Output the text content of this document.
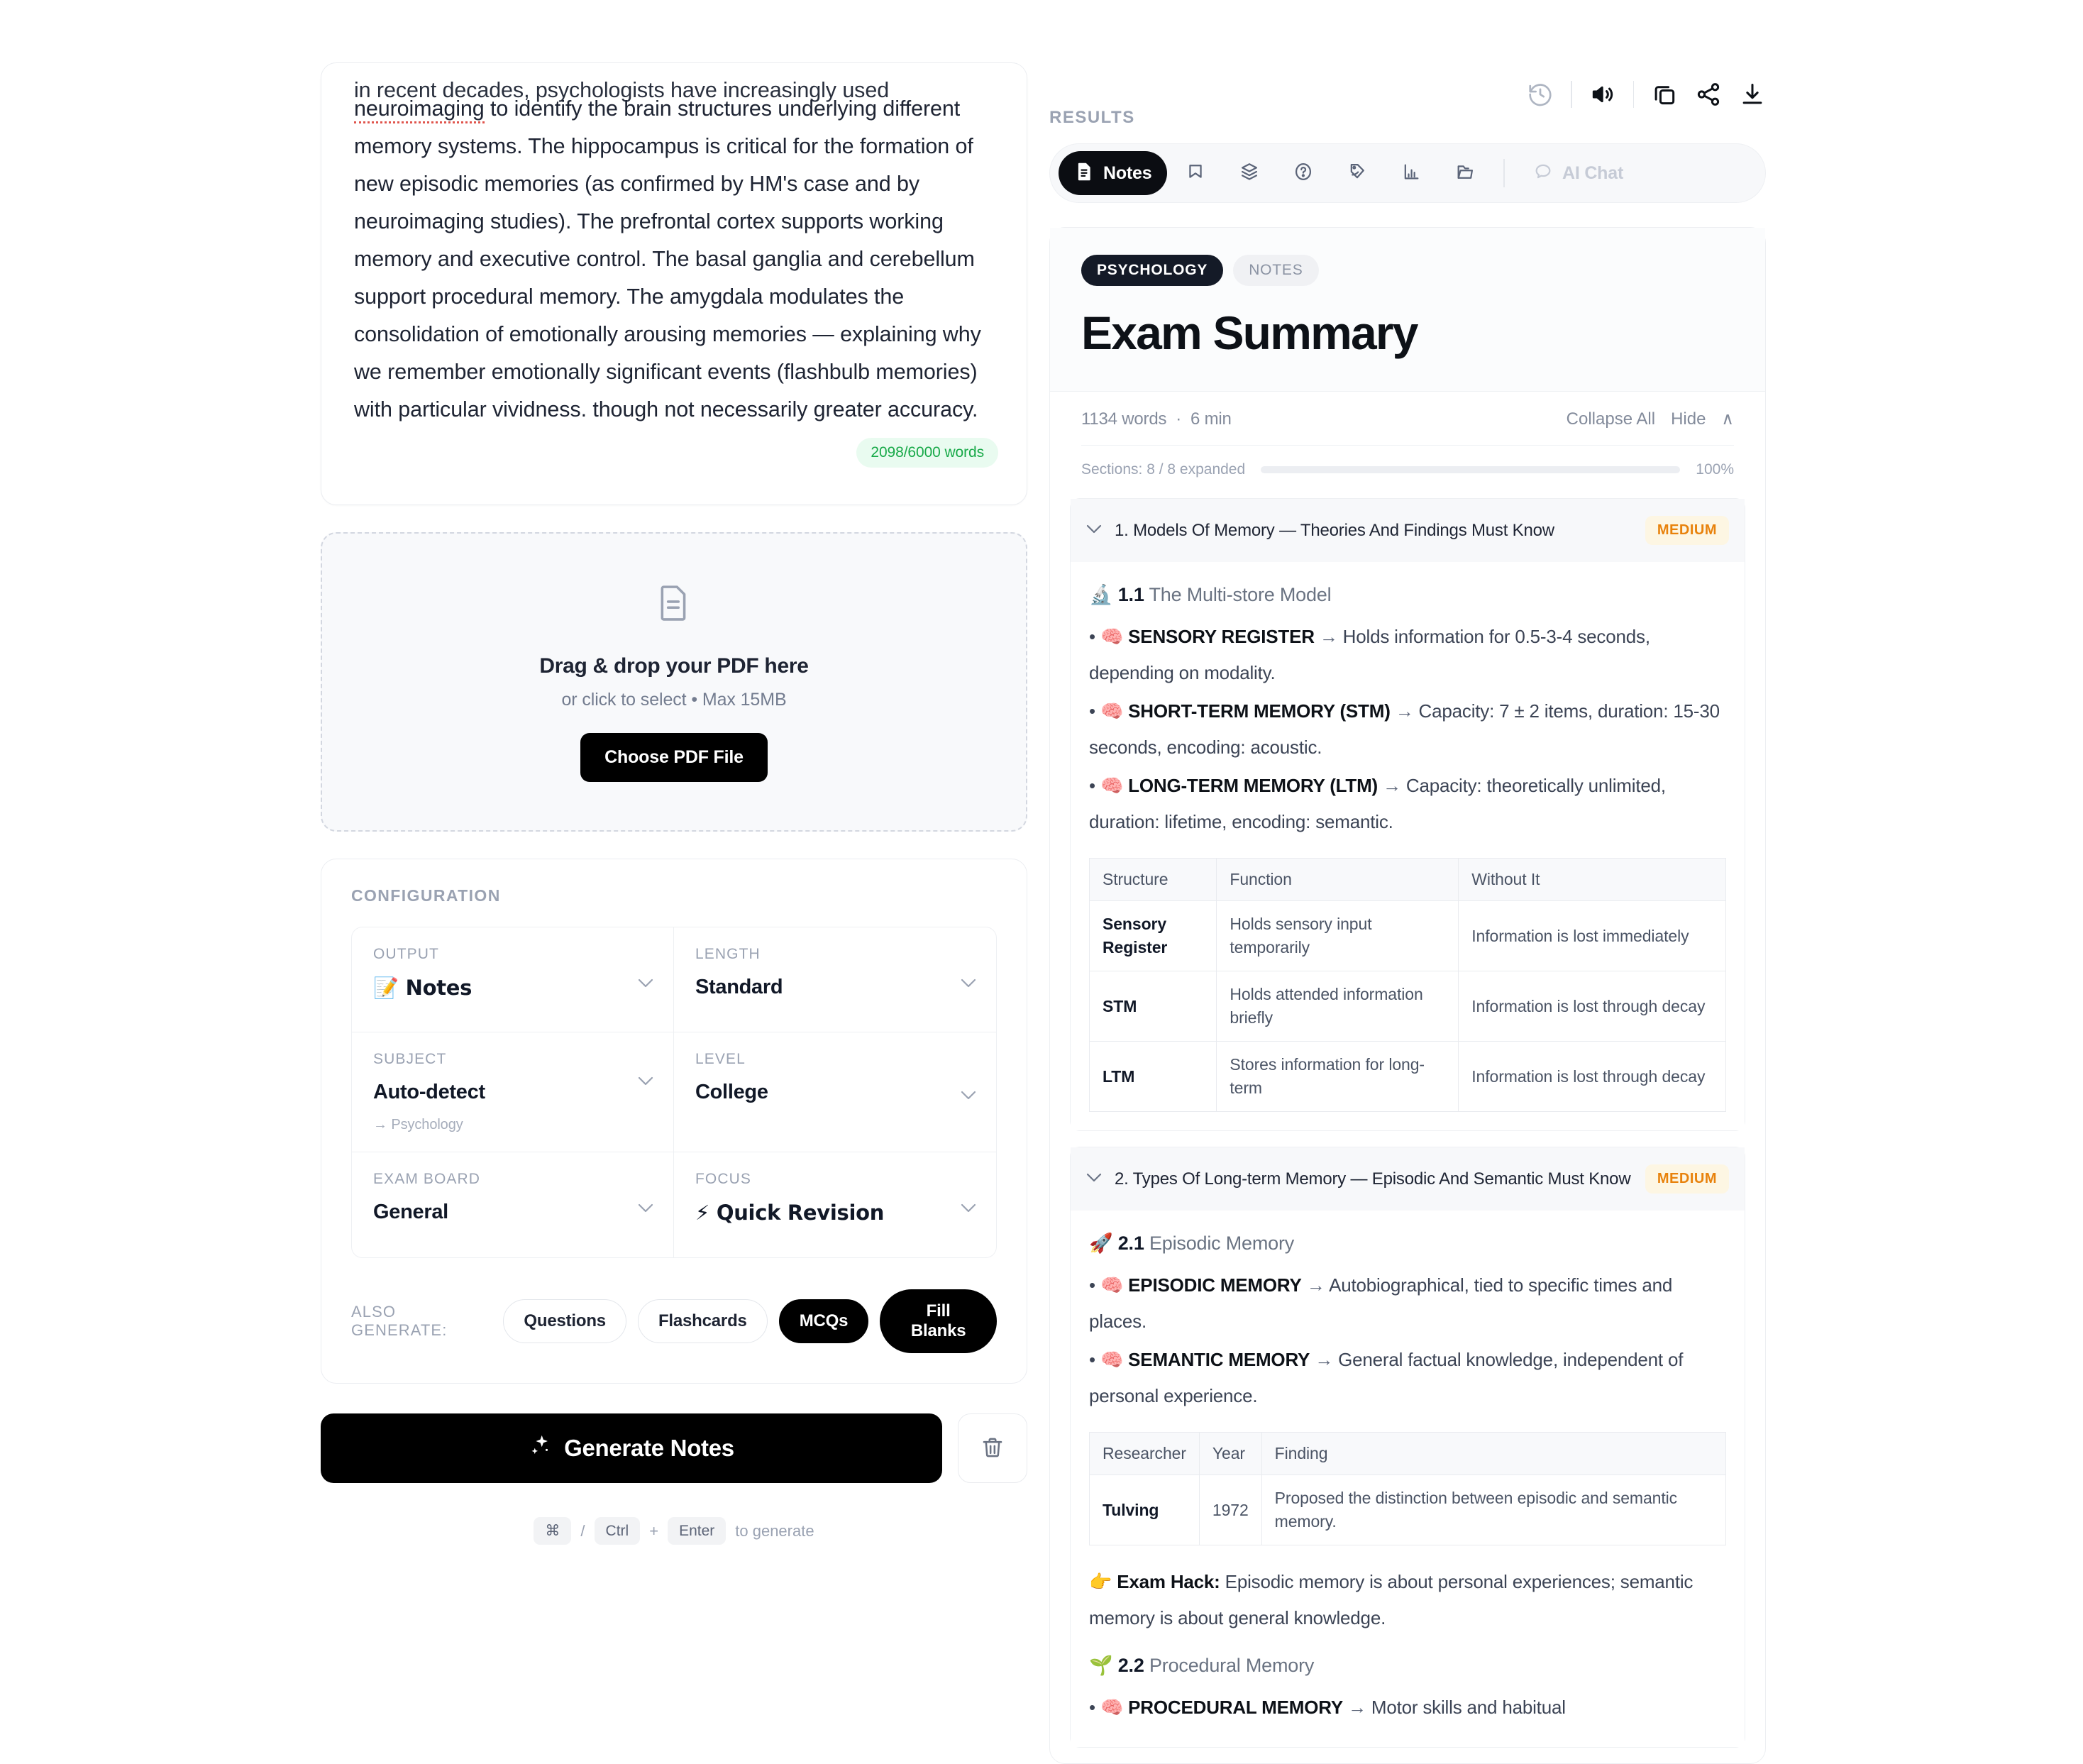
in recent decades, psychologists have increasingly used
neuroimaging to identify the brain structures underlying different memory systems. The hippocampus is critical for the formation of new episodic memories (as confirmed by HM's case and by neuroimaging studies). The prefrontal cortex supports working memory and executive control. The basal ganglia and cerebellum support procedural memory. The amygdala modulates the consolidation of emotionally arousing memories — explaining why we remember emotionally significant events (flashbulb memories) with particular vividness. though not necessarily greater accuracy.
2098/6000 words
Drag & drop your PDF here
or click to select • Max 15MB
Choose PDF File
CONFIGURATION
OUTPUT
📝 Notes
LENGTH
Standard
SUBJECT
Auto-detect
→ Psychology
LEVEL
College
EXAM BOARD
General
FOCUS
⚡ Quick Revision
ALSO GENERATE:	Questions	Flashcards	MCQs
Fill Blanks
Generate Notes
⌘	/	Ctrl	+	Enter	to generate
RESULTS
Notes	AI Chat
PSYCHOLOGY	NOTES
Exam Summary
1134 words · 6 min	Collapse All Hide ∧
Sections: 8 / 8 expanded	100%
1. Models Of Memory — Theories And Findings Must Know	MEDIUM
🔬 1.1 The Multi-store Model
• 🧠 SENSORY REGISTER → Holds information for 0.5-3-4 seconds, depending on modality.
• 🧠 SHORT-TERM MEMORY (STM) → Capacity: 7 ± 2 items, duration: 15-30 seconds, encoding: acoustic.
• 🧠 LONG-TERM MEMORY (LTM) → Capacity: theoretically unlimited, duration: lifetime, encoding: semantic.
Structure	Function	Without It
Sensory Register	Holds sensory input temporarily	Information is lost immediately
STM	Holds attended information briefly	Information is lost through decay
LTM	Stores information for long-term	Information is lost through decay
2. Types Of Long-term Memory — Episodic And Semantic Must Know	MEDIUM
🚀 2.1 Episodic Memory
• 🧠 EPISODIC MEMORY → Autobiographical, tied to specific times and places.
• 🧠 SEMANTIC MEMORY → General factual knowledge, independent of personal experience.
Researcher	Year	Finding
Tulving	1972	Proposed the distinction between episodic and semantic memory.
👉 Exam Hack: Episodic memory is about personal experiences; semantic memory is about general knowledge.
🌱 2.2 Procedural Memory
• 🧠 PROCEDURAL MEMORY → Motor skills and habitual
